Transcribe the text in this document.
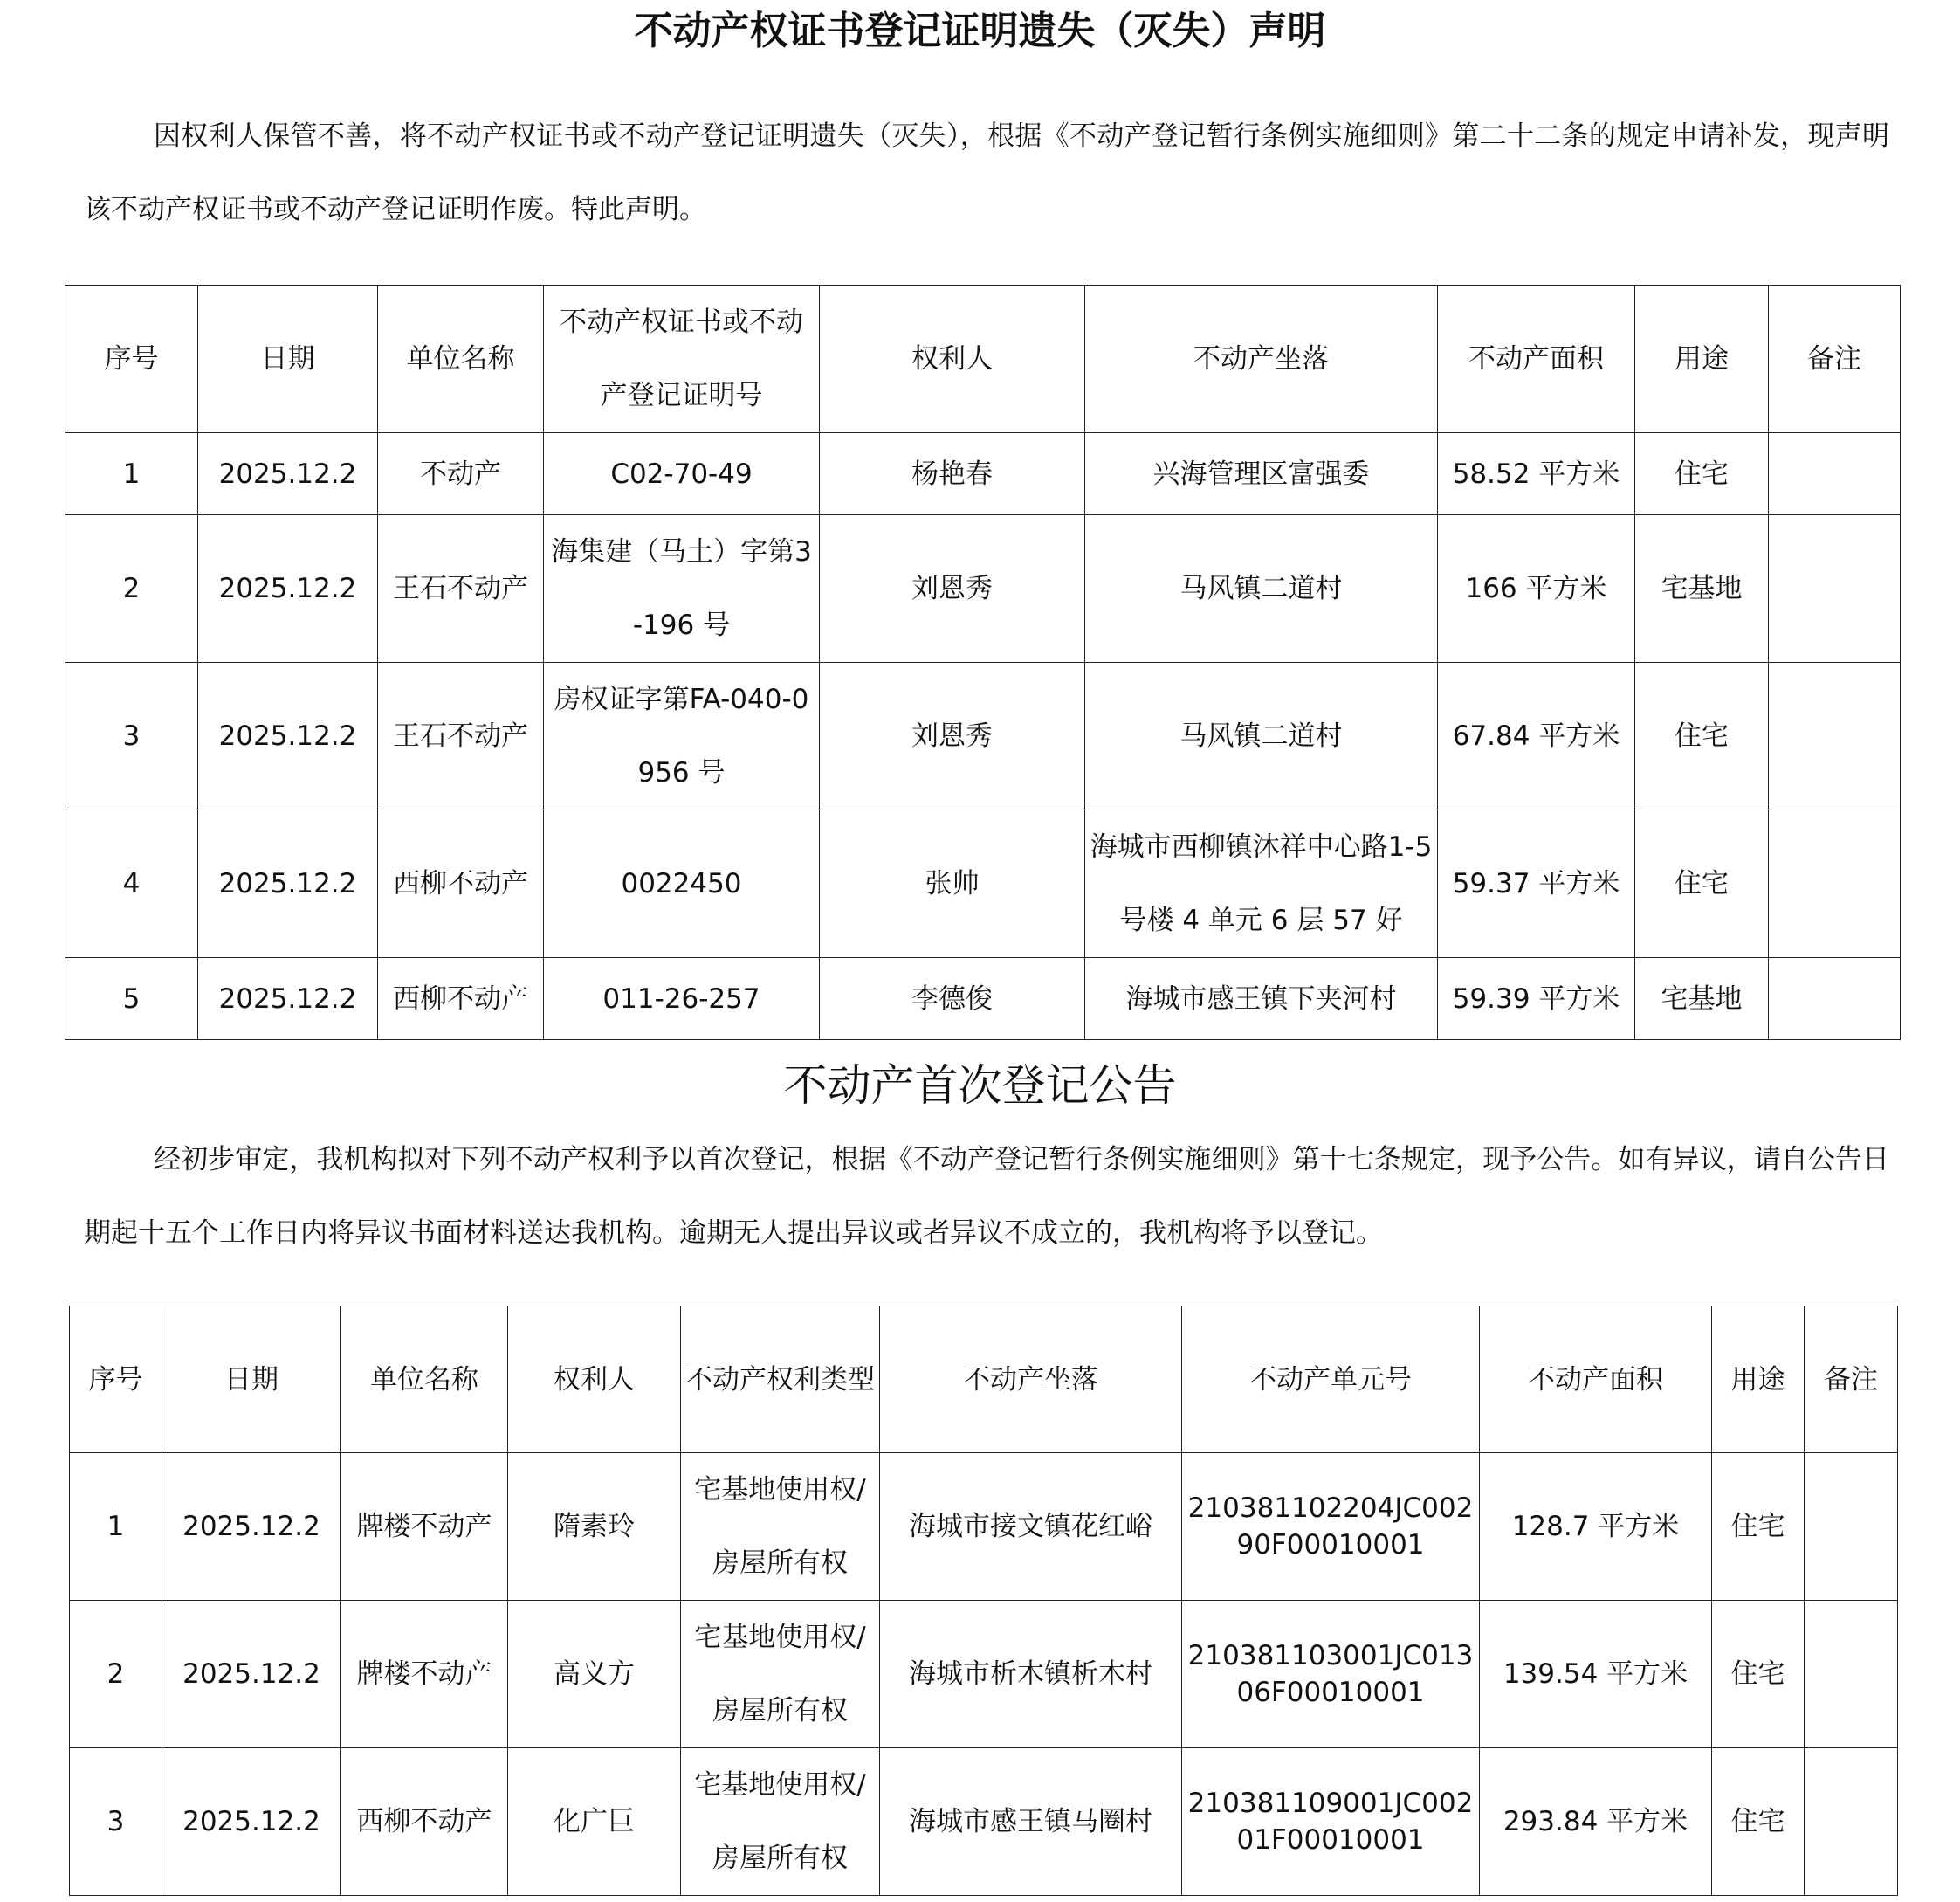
不动产权证书登记证明遗失（灭失）声明
因权利人保管不善，将不动产权证书或不动产登记证明遗失（灭失），根据《不动产登记暂行条例实施细则》第二十二条的规定申请补发，现声明该不动产权证书或不动产登记证明作废。特此声明。
序号	日期	单位名称	不动产权证书或不动产登记证明号	权利人	不动产坐落	不动产面积	用途	备注
1	2025.12.2	不动产	C02-70-49	杨艳春	兴海管理区富强委	58.52 平方米	住宅	
2	2025.12.2	王石不动产	海集建（马土）字第3-196 号	刘恩秀	马风镇二道村	166 平方米	宅基地	
3	2025.12.2	王石不动产	房权证字第FA-040-0956 号	刘恩秀	马风镇二道村	67.84 平方米	住宅	
4	2025.12.2	西柳不动产	0022450	张帅	海城市西柳镇沐祥中心路1-5 号楼 4 单元 6 层 57 好	59.37 平方米	住宅	
5	2025.12.2	西柳不动产	011-26-257	李德俊	海城市感王镇下夹河村	59.39 平方米	宅基地	
不动产首次登记公告
经初步审定，我机构拟对下列不动产权利予以首次登记，根据《不动产登记暂行条例实施细则》第十七条规定，现予公告。如有异议，请自公告日期起十五个工作日内将异议书面材料送达我机构。逾期无人提出异议或者异议不成立的，我机构将予以登记。
序号	日期	单位名称	权利人	不动产权利类型	不动产坐落	不动产单元号	不动产面积	用途	备注
1	2025.12.2	牌楼不动产	隋素玲	宅基地使用权/房屋所有权	海城市接文镇花红峪	210381102204JC00290F00010001	128.7 平方米	住宅	
2	2025.12.2	牌楼不动产	高义方	宅基地使用权/房屋所有权	海城市析木镇析木村	210381103001JC01306F00010001	139.54 平方米	住宅	
3	2025.12.2	西柳不动产	化广巨	宅基地使用权/房屋所有权	海城市感王镇马圈村	210381109001JC00201F00010001	293.84 平方米	住宅	
